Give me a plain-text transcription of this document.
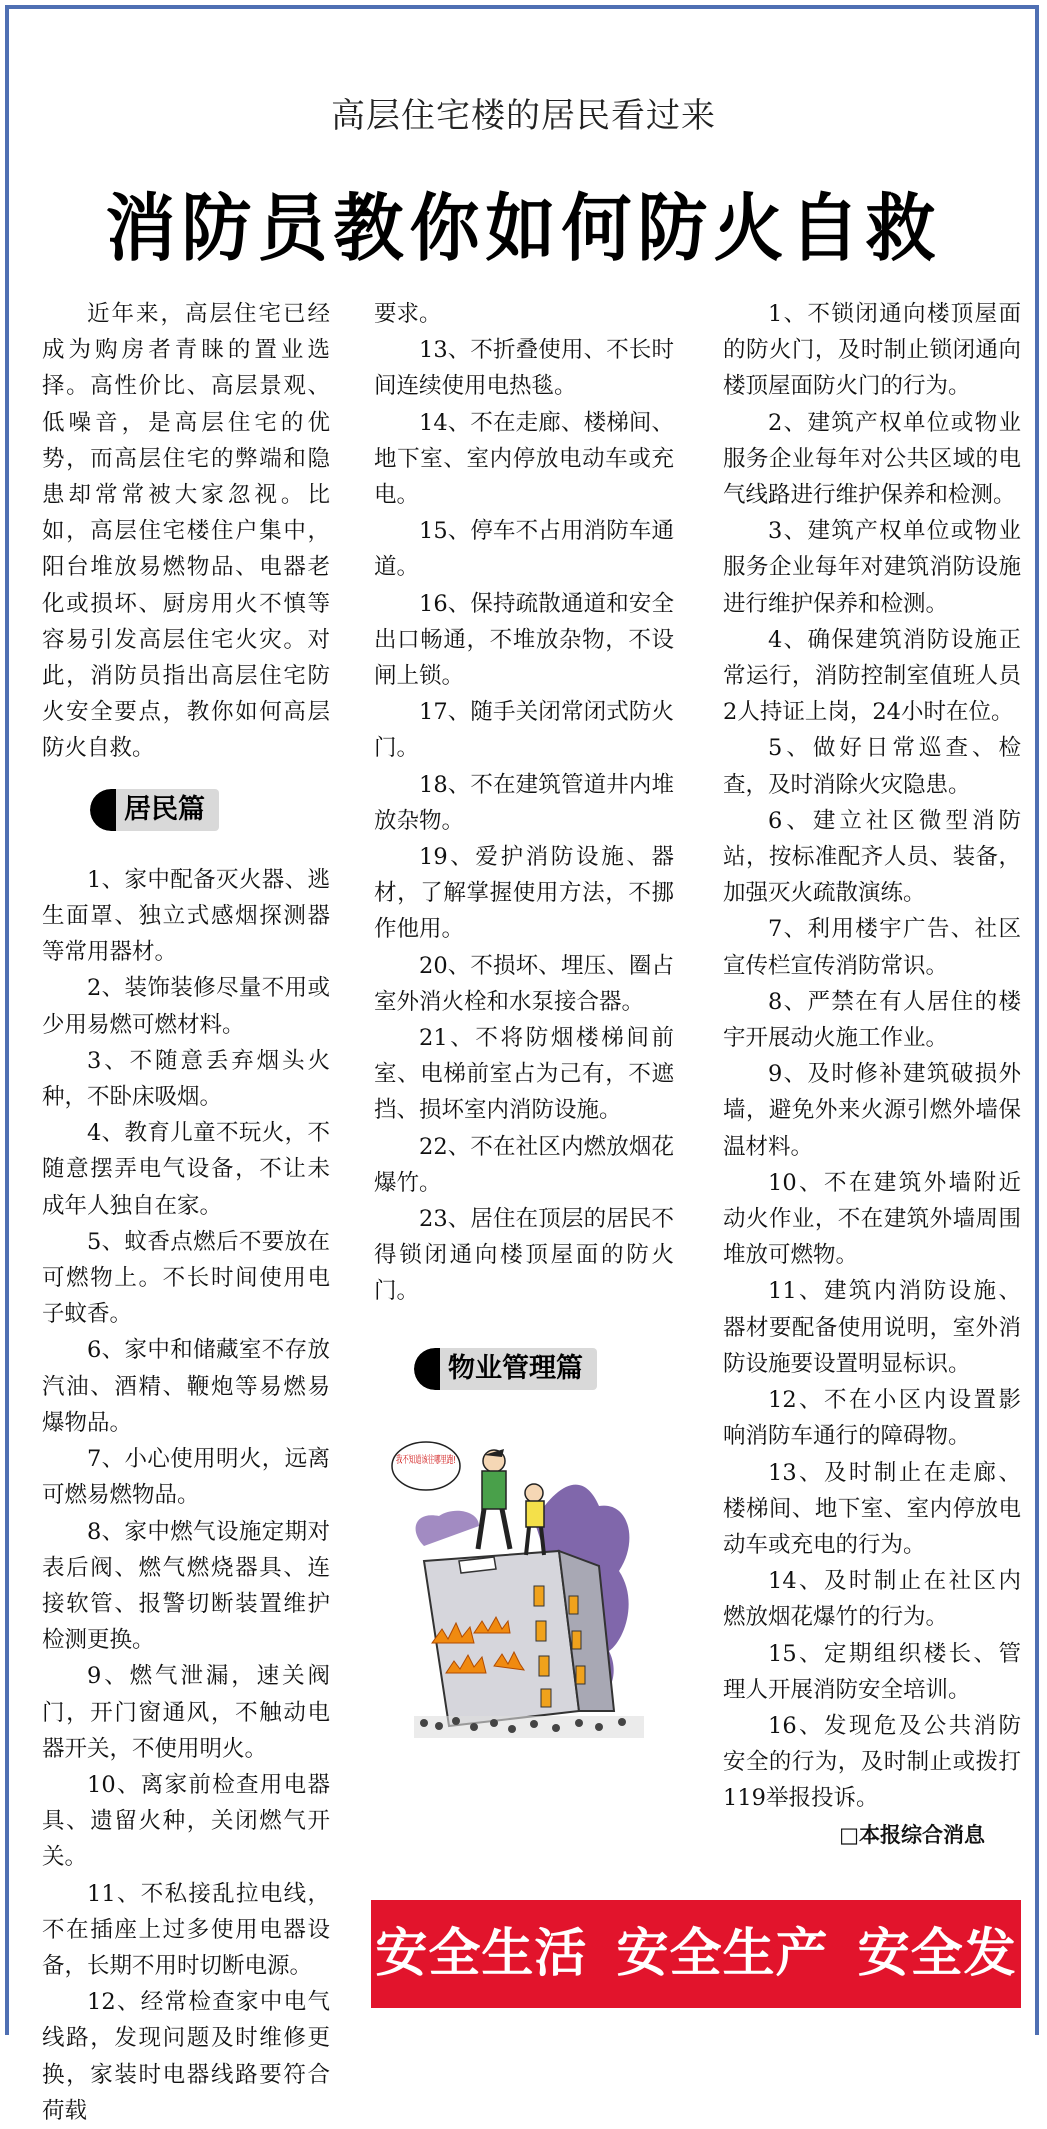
高层住宅楼的居民看过来
消防员教你如何防火自救

近年来，高层住宅已经成为购房者青睐的置业选择。高性价比、高层景观、低噪音，是高层住宅的优势，而高层住宅的弊端和隐患却常常被大家忽视。比如，高层住宅楼住户集中，阳台堆放易燃物品、电器老化或损坏、厨房用火不慎等容易引发高层住宅火灾。对此，消防员指出高层住宅防火安全要点，教你如何高层防火自救。

居民篇

1、家中配备灭火器、逃生面罩、独立式感烟探测器等常用器材。

2、装饰装修尽量不用或少用易燃可燃材料。

3、不随意丢弃烟头火种，不卧床吸烟。

4、教育儿童不玩火，不随意摆弄电气设备，不让未成年人独自在家。

5、蚊香点燃后不要放在可燃物上。不长时间使用电子蚊香。

6、家中和储藏室不存放汽油、酒精、鞭炮等易燃易爆物品。

7、小心使用明火，远离可燃易燃物品。

8、家中燃气设施定期对表后阀、燃气燃烧器具、连接软管、报警切断装置维护检测更换。

9、燃气泄漏，速关阀门，开门窗通风，不触动电器开关，不使用明火。

10、离家前检查用电器具、遗留火种，关闭燃气开关。

11、不私接乱拉电线，不在插座上过多使用电器设备，长期不用时切断电源。

12、经常检查家中电气线路，发现问题及时维修更换，家装时电器线路要符合荷载

要求。

13、不折叠使用、不长时间连续使用电热毯。

14、不在走廊、楼梯间、地下室、室内停放电动车或充电。

15、停车不占用消防车通道。

16、保持疏散通道和安全出口畅通，不堆放杂物，不设闸上锁。

17、随手关闭常闭式防火门。

18、不在建筑管道井内堆放杂物。

19、爱护消防设施、器材，了解掌握使用方法，不挪作他用。

20、不损坏、埋压、圈占室外消火栓和水泵接合器。

21、不将防烟楼梯间前室、电梯前室占为己有，不遮挡、损坏室内消防设施。

22、不在社区内燃放烟花爆竹。

23、居住在顶层的居民不得锁闭通向楼顶屋面的防火门。

物业管理篇

我不知道该往哪里跑!

1、不锁闭通向楼顶屋面的防火门，及时制止锁闭通向楼顶屋面防火门的行为。

2、建筑产权单位或物业服务企业每年对公共区域的电气线路进行维护保养和检测。

3、建筑产权单位或物业服务企业每年对建筑消防设施进行维护保养和检测。

4、确保建筑消防设施正常运行，消防控制室值班人员2人持证上岗，24小时在位。

5、做好日常巡查、检查，及时消除火灾隐患。

6、建立社区微型消防站，按标准配齐人员、装备，加强灭火疏散演练。

7、利用楼宇广告、社区宣传栏宣传消防常识。

8、严禁在有人居住的楼宇开展动火施工作业。

9、及时修补建筑破损外墙，避免外来火源引燃外墙保温材料。

10、不在建筑外墙附近动火作业，不在建筑外墙周围堆放可燃物。

11、建筑内消防设施、器材要配备使用说明，室外消防设施要设置明显标识。

12、不在小区内设置影响消防车通行的障碍物。

13、及时制止在走廊、楼梯间、地下室、室内停放电动车或充电的行为。

14、及时制止在社区内燃放烟花爆竹的行为。

15、定期组织楼长、管理人开展消防安全培训。

16、发现危及公共消防安全的行为，及时制止或拨打119举报投诉。

□本报综合消息

安全生活 安全生产 安全发展
